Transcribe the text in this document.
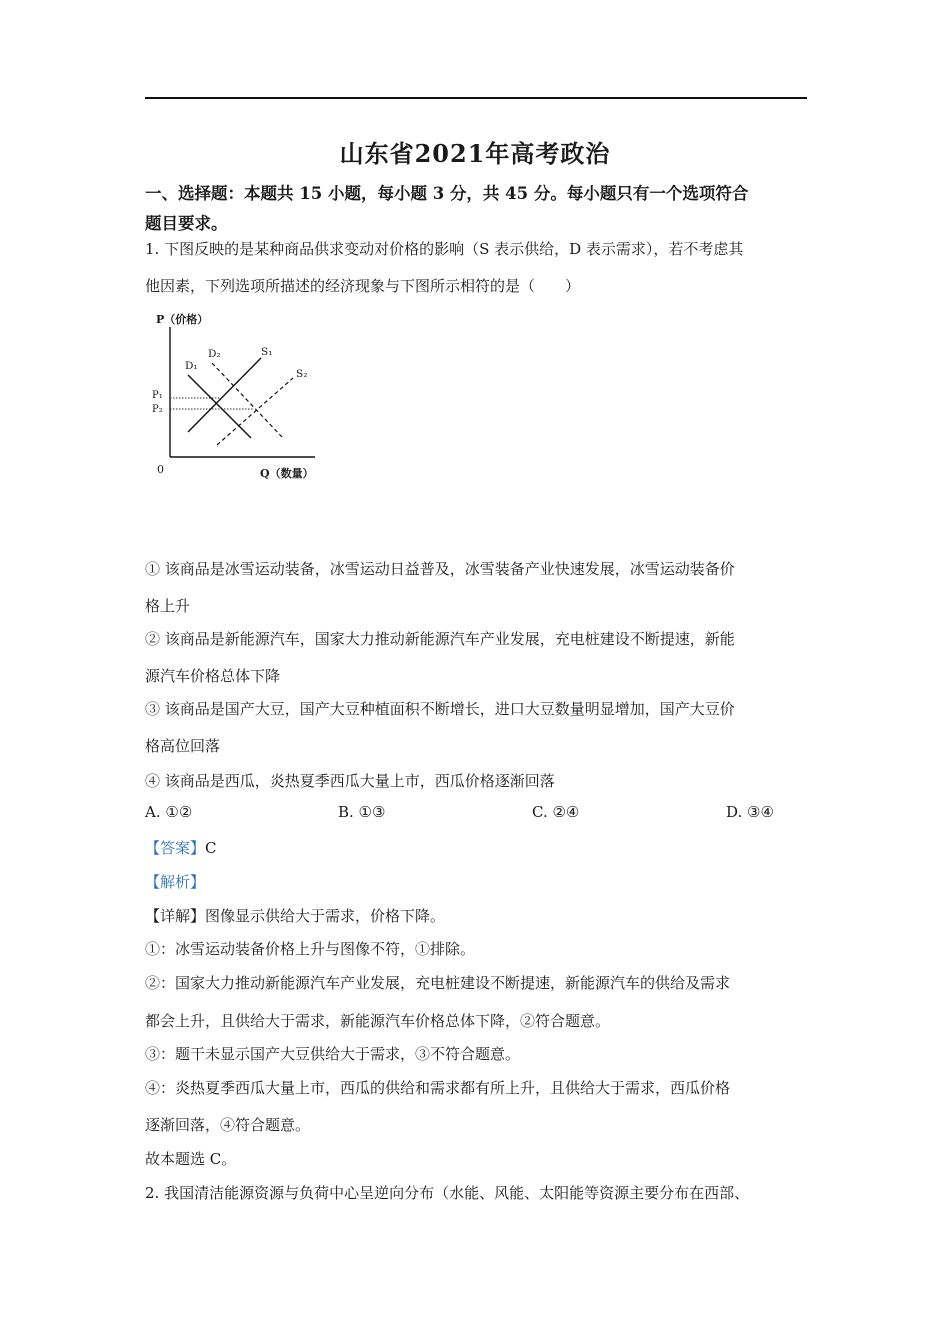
山东省2021年高考政治
一、选择题：本题共 15 小题，每小题 3 分，共 45 分。每小题只有一个选项符合
题目要求。
1. 下图反映的是某种商品供求变动对价格的影响（S 表示供给，D 表示需求），若不考虑其
他因素，下列选项所描述的经济现象与下图所示相符的是（　　）
P（价格）
Q（数量）
0
P₁
P₂
D₁
D₂	S₁
S₂
① 该商品是冰雪运动装备，冰雪运动日益普及，冰雪装备产业快速发展，冰雪运动装备价
格上升
② 该商品是新能源汽车，国家大力推动新能源汽车产业发展，充电桩建设不断提速，新能
源汽车价格总体下降
③ 该商品是国产大豆，国产大豆种植面积不断增长，进口大豆数量明显增加，国产大豆价
格高位回落
④ 该商品是西瓜，炎热夏季西瓜大量上市，西瓜价格逐渐回落
A. ①②	B. ①③	C. ②④	D. ③④
【答案】C
【解析】
【详解】图像显示供给大于需求，价格下降。
①：冰雪运动装备价格上升与图像不符，①排除。
②：国家大力推动新能源汽车产业发展，充电桩建设不断提速，新能源汽车的供给及需求
都会上升，且供给大于需求，新能源汽车价格总体下降，②符合题意。
③：题干未显示国产大豆供给大于需求，③不符合题意。
④：炎热夏季西瓜大量上市，西瓜的供给和需求都有所上升，且供给大于需求，西瓜价格
逐渐回落，④符合题意。
故本题选 C。
2. 我国清洁能源资源与负荷中心呈逆向分布（水能、风能、太阳能等资源主要分布在西部、
